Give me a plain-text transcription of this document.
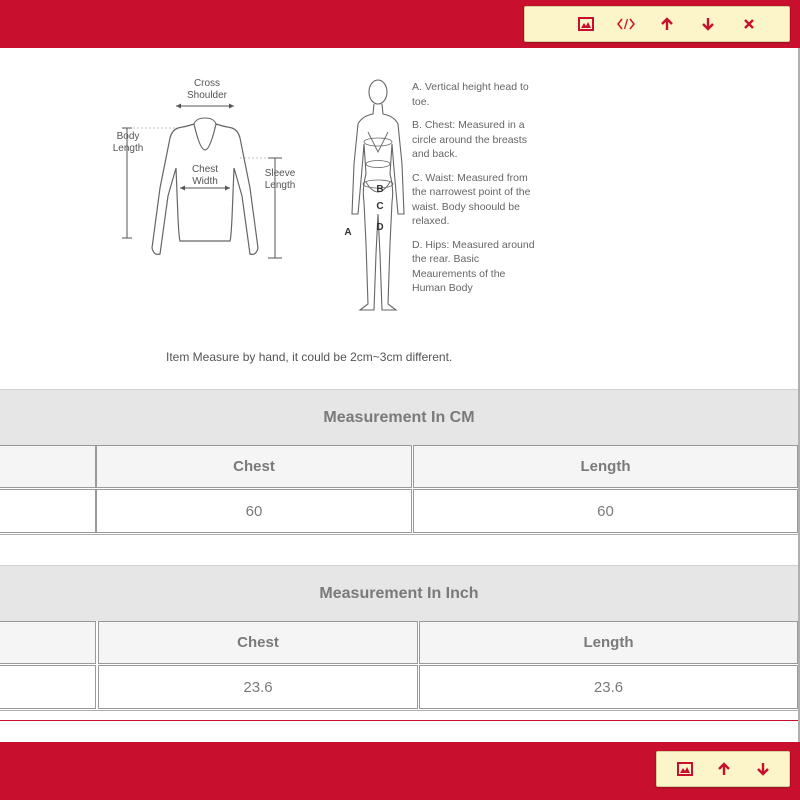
Cross
Shoulder
Body
Length
Chest
Width
Sleeve
Length	B
C
D
A
A. Vertical height head to toe.
B. Chest: Measured in a circle around the breasts and back.
C. Waist: Measured from the narrowest point of the waist. Body shoould be relaxed.
D. Hips: Measured around the rear. Basic Meaurements of the Human Body
Item Measure by hand, it could be 2cm~3cm different.
Measurement In CM
Chest	Length
60	60
Measurement In Inch
Chest	Length
23.6	23.6
